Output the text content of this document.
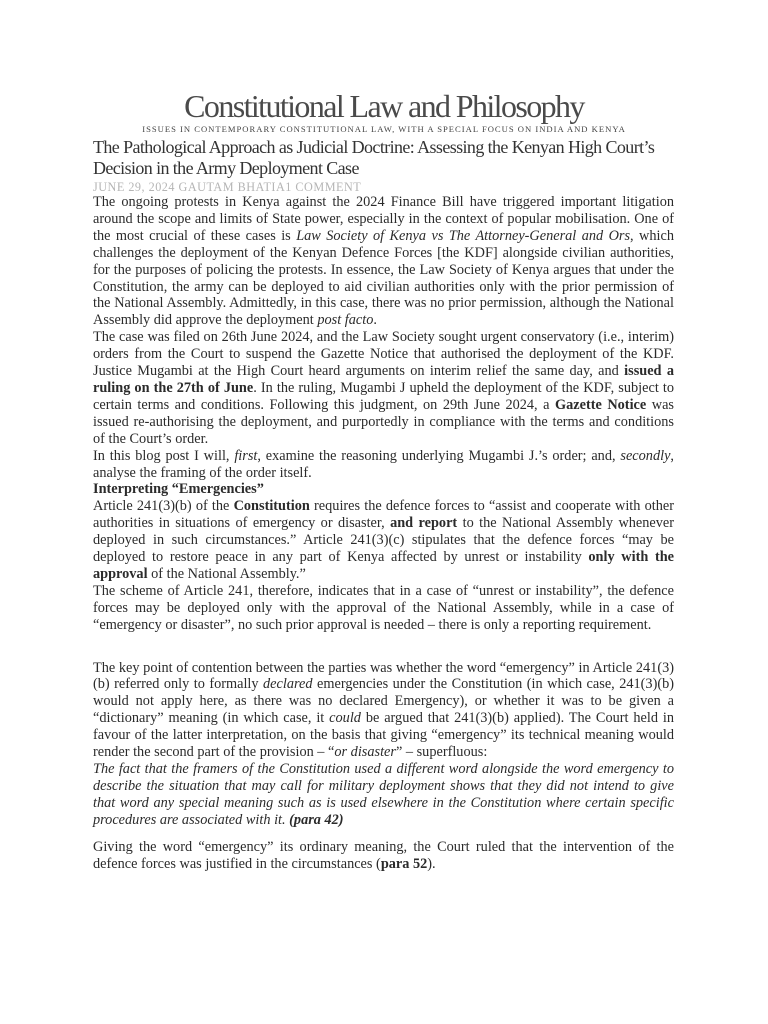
Constitutional Law and Philosophy
ISSUES IN CONTEMPORARY CONSTITUTIONAL LAW, WITH A SPECIAL FOCUS ON INDIA AND KENYA
The Pathological Approach as Judicial Doctrine: Assessing the Kenyan High Court’s Decision in the Army Deployment Case
JUNE 29, 2024 GAUTAM BHATIA1 COMMENT

The ongoing protests in Kenya against the 2024 Finance Bill have triggered important litigation around the scope and limits of State power, especially in the context of popular mobilisation. One of the most crucial of these cases is Law Society of Kenya vs The Attorney-General and Ors, which challenges the deployment of the Kenyan Defence Forces [the KDF] alongside civilian authorities, for the purposes of policing the protests. In essence, the Law Society of Kenya argues that under the Constitution, the army can be deployed to aid civilian authorities only with the prior permission of the National Assembly. Admittedly, in this case, there was no prior permission, although the National Assembly did approve the deployment post facto.

The case was filed on 26th June 2024, and the Law Society sought urgent conservatory (i.e., interim) orders from the Court to suspend the Gazette Notice that authorised the deployment of the KDF. Justice Mugambi at the High Court heard arguments on interim relief the same day, and issued a ruling on the 27th of June. In the ruling, Mugambi J upheld the deployment of the KDF, subject to certain terms and conditions. Following this judgment, on 29th June 2024, a Gazette Notice was issued re-authorising the deployment, and purportedly in compliance with the terms and conditions of the Court’s order.

In this blog post I will, first, examine the reasoning underlying Mugambi J.’s order; and, secondly, analyse the framing of the order itself.

Interpreting “Emergencies”

Article 241(3)(b) of the Constitution requires the defence forces to “assist and cooperate with other authorities in situations of emergency or disaster, and report to the National Assembly whenever deployed in such circumstances.” Article 241(3)(c) stipulates that the defence forces “may be deployed to restore peace in any part of Kenya affected by unrest or instability only with the approval of the National Assembly.”

The scheme of Article 241, therefore, indicates that in a case of “unrest or instability”, the defence forces may be deployed only with the approval of the National Assembly, while in a case of “emergency or disaster”, no such prior approval is needed – there is only a reporting requirement.

The key point of contention between the parties was whether the word “emergency” in Article 241(3)(b) referred only to formally declared emergencies under the Constitution (in which case, 241(3)(b) would not apply here, as there was no declared Emergency), or whether it was to be given a “dictionary” meaning (in which case, it could be argued that 241(3)(b) applied). The Court held in favour of the latter interpretation, on the basis that giving “emergency” its technical meaning would render the second part of the provision – “or disaster” – superfluous:

The fact that the framers of the Constitution used a different word alongside the word emergency to describe the situation that may call for military deployment shows that they did not intend to give that word any special meaning such as is used elsewhere in the Constitution where certain specific procedures are associated with it. (para 42)

Giving the word “emergency” its ordinary meaning, the Court ruled that the intervention of the defence forces was justified in the circumstances (para 52).
